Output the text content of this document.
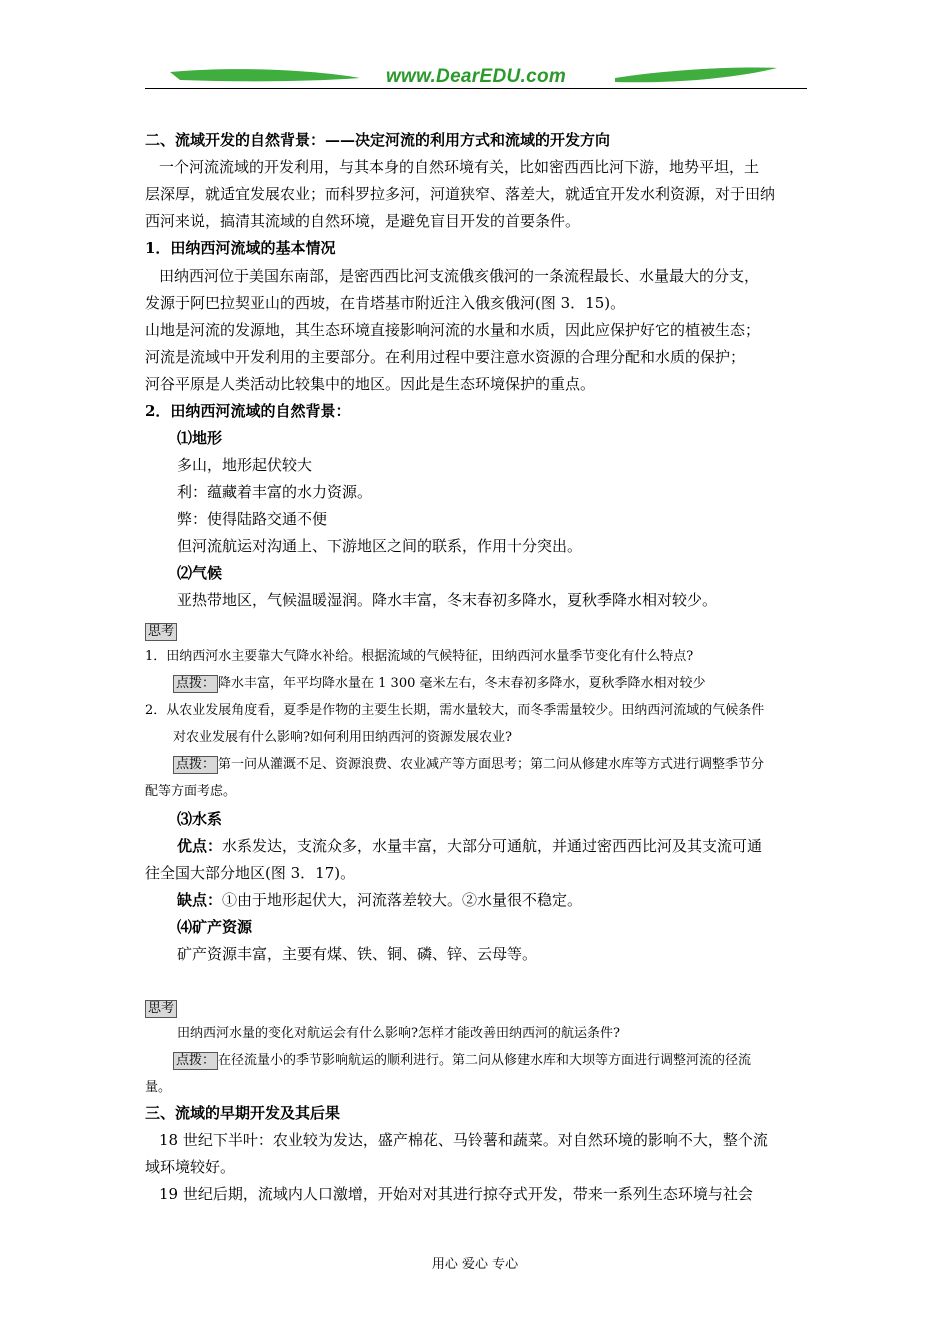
www.DearEDU.com
二、流域开发的自然背景：——决定河流的利用方式和流域的开发方向
一个河流流域的开发利用，与其本身的自然环境有关，比如密西西比河下游，地势平坦，土
层深厚，就适宜发展农业；而科罗拉多河，河道狭窄、落差大，就适宜开发水利资源，对于田纳
西河来说，搞清其流域的自然环境，是避免盲目开发的首要条件。
1．田纳西河流域的基本情况
田纳西河位于美国东南部，是密西西比河支流俄亥俄河的一条流程最长、水量最大的分支，
发源于阿巴拉契亚山的西坡，在肯塔基市附近注入俄亥俄河(图 3．15)。
山地是河流的发源地，其生态环境直接影响河流的水量和水质，因此应保护好它的植被生态；
河流是流域中开发利用的主要部分。在利用过程中要注意水资源的合理分配和水质的保护；
河谷平原是人类活动比较集中的地区。因此是生态环境保护的重点。
2．田纳西河流域的自然背景：
⑴地形
多山，地形起伏较大
利：蕴藏着丰富的水力资源。
弊：使得陆路交通不便
但河流航运对沟通上、下游地区之间的联系，作用十分突出。
⑵气候
亚热带地区，气候温暖湿润。降水丰富，冬末春初多降水，夏秋季降水相对较少。
思考
1．田纳西河水主要靠大气降水补给。根据流域的气候特征，田纳西河水量季节变化有什么特点?
点拨： 降水丰富，年平均降水量在 1 300 毫米左右，冬末春初多降水，夏秋季降水相对较少
2．从农业发展角度看，夏季是作物的主要生长期，需水量较大，而冬季需量较少。田纳西河流域的气候条件
对农业发展有什么影响?如何利用田纳西河的资源发展农业?
点拨： 第一问从灌溉不足、资源浪费、农业减产等方面思考；第二问从修建水库等方式进行调整季节分
配等方面考虑。
⑶水系
优点：水系发达，支流众多，水量丰富，大部分可通航，并通过密西西比河及其支流可通
往全国大部分地区(图 3．17)。
缺点：①由于地形起伏大，河流落差较大。②水量很不稳定。
⑷矿产资源
矿产资源丰富，主要有煤、铁、铜、磷、锌、云母等。
思考
田纳西河水量的变化对航运会有什么影响?怎样才能改善田纳西河的航运条件?
点拨： 在径流量小的季节影响航运的顺利进行。第二问从修建水库和大坝等方面进行调整河流的径流
量。
三、流域的早期开发及其后果
18 世纪下半叶：农业较为发达，盛产棉花、马铃薯和蔬菜。对自然环境的影响不大，整个流
域环境较好。
19 世纪后期，流域内人口激增，开始对对其进行掠夺式开发，带来一系列生态环境与社会
用心 爱心 专心
